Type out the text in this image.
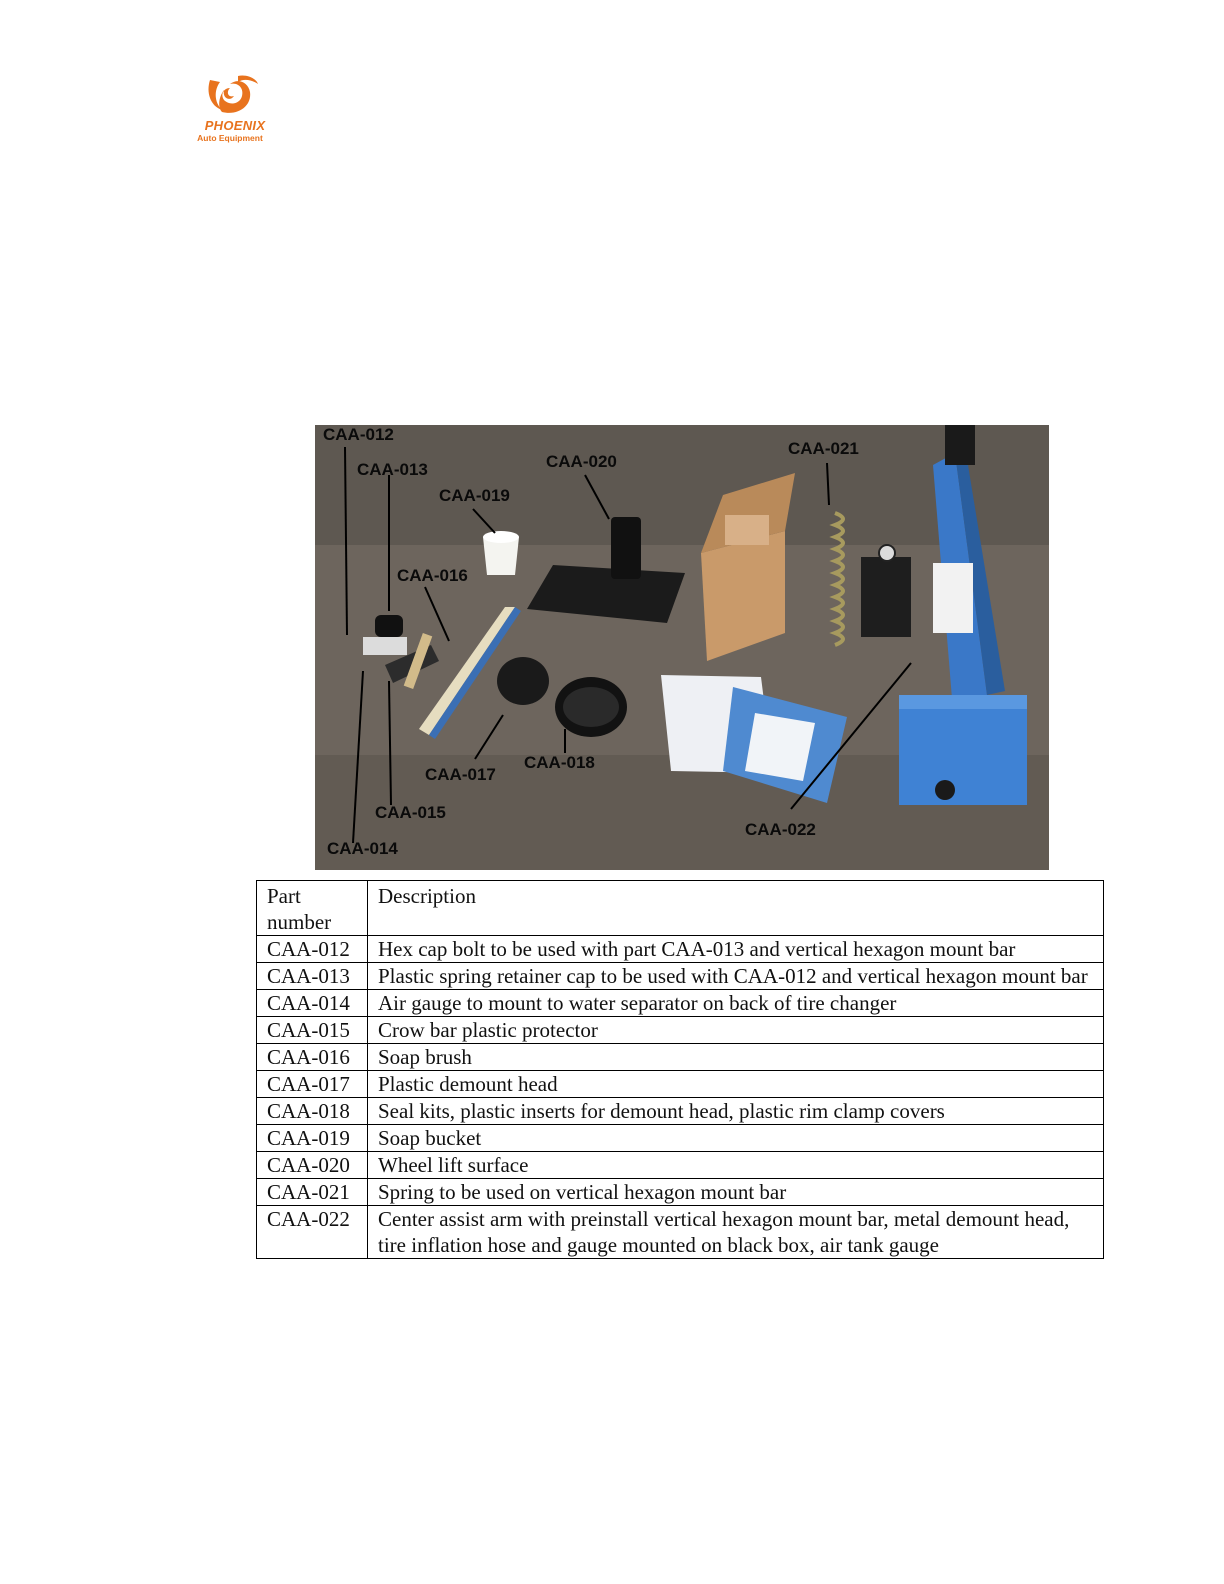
PHOENIX
Auto Equipment
CAA-012
CAA-013
CAA-019
CAA-020
CAA-021
CAA-016
CAA-017
CAA-018
CAA-015
CAA-014
CAA-022
Part number	Description
CAA-012	Hex cap bolt to be used with part CAA-013 and vertical hexagon mount bar
CAA-013	Plastic spring retainer cap to be used with CAA-012 and vertical hexagon mount bar
CAA-014	Air gauge to mount to water separator on back of tire changer
CAA-015	Crow bar plastic protector
CAA-016	Soap brush
CAA-017	Plastic demount head
CAA-018	Seal kits, plastic inserts for demount head, plastic rim clamp covers
CAA-019	Soap bucket
CAA-020	Wheel lift surface
CAA-021	Spring to be used on vertical hexagon mount bar
CAA-022	Center assist arm with preinstall vertical hexagon mount bar, metal demount head, tire inflation hose and gauge mounted on black box, air tank gauge
